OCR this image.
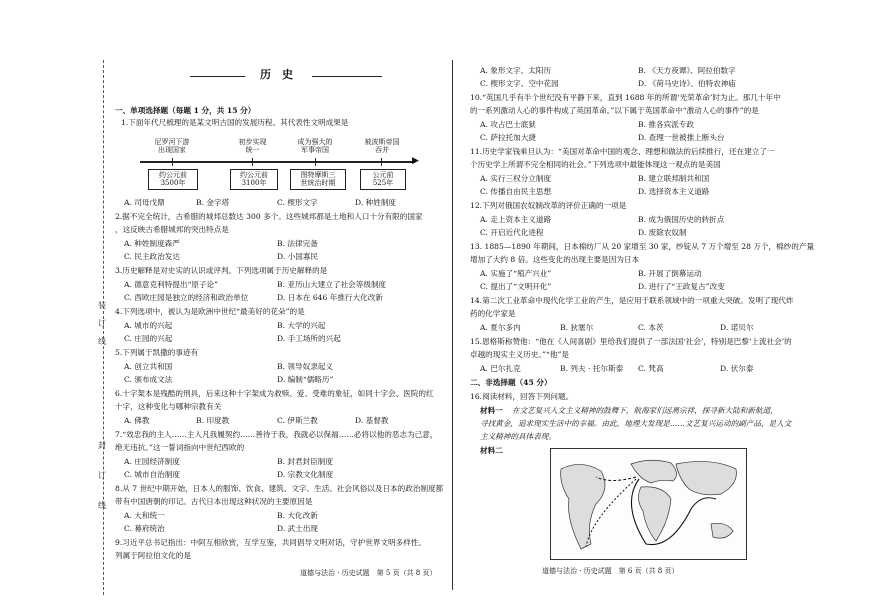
历　史
一、单项选择题（每题 1 分，共 15 分）
1.下面年代尺梳理的是某文明古国的发展历程。其代表性文明成果是
尼罗河下游
出现国家
初步实现
统一
成为强大的
军事帝国
被波斯帝国
吞并
▶
约公元前
3500年
约公元前
3100年
图特摩斯三
世统治时期
公元前
525年
A. 司母戊鼎	B. 金字塔	C. 楔形文字	D. 种姓制度
2.据不完全统计，古希腊的城邦总数达 300 多个。这些城邦都是土地和人口十分有限的国家
，这反映古希腊城邦的突出特点是
A. 种姓制度森严	B. 法律完备
C. 民主政治发达	D. 小国寡民
3.历史解释是对史实的认识或评判。下列选项属于历史解释的是
A. 德意克利特提出“原子论”	B. 亚历山大建立了社会等级制度
C. 西欧庄园是独立的经济和政治单位	D. 日本在 646 年推行大化改新
4.下列选项中，被认为是欧洲中世纪“最美好的花朵”的是
A. 城市的兴起	B. 大学的兴起
C. 庄园的兴起	D. 手工场所的兴起
5.下列属于凯撒的事迹有
A. 创立共和国	B. 领导奴隶起义
C. 颁布成文法	D. 编制“儒略历”
6.十字架本是残酷的刑具，后来这种十字架成为救赎、爱、受难的象征，如同十字会、医院的红
十字，这种变化与哪种宗教有关
A. 佛教	B. 印度教	C. 伊斯兰教	D. 基督教
7.“效忠我的主人……主人凡我履契约……善待于我，我就必以保福……必将以他的恶志为己意，
绝无违抗。”这一誓词指向中世纪西欧的
A. 庄园经济制度	B. 封君封臣制度
C. 城市自治制度	D. 宗教文化制度
8.从 7 世纪中期开始，日本人的服饰、饮食、建筑、文字、生活、社会风俗以及日本的政治制度都
带有中国唐朝的印记。古代日本出现这种状况的主要原因是
A. 大和统一	B. 大化改新
C. 幕府统治	D. 武士出现
9.习近平总书记指出：中阿互相欣赏，互学互鉴，共同倡导文明对话，守护世界文明多样性。
列属于阿拉伯文化的是
装
订
线
封
订
线
道德与法治 · 历史试题　第 5 页（共 8 页）
A. 象形文字、太阳历	B. 《天方夜谭》、阿拉伯数字
C. 楔形文字、空中花园	D. 《荷马史诗》、伯特农神庙
10.“英国几乎有半个世纪没有平静下来，直到 1688 年的所谓‘光荣革命’时为止。那几十年中
的一系列激动人心的事件构成了英国革命。”以下属于英国革命中“激动人心的事件”的是
A. 攻占巴士底狱	B. 推各宾派专政
C. 萨拉托加大捷	D. 查理一世被推上断头台
11.历史学家钱乘旦认为：“美国对革命中国的观念、理想和做法的后续推行，还在建立了一
个历史学上所谓不完全相同的社会。”下列选项中最能体现这一观点的是美国
A. 实行三权分立制度	B. 建立联邦制共和国
C. 传播自由民主思想	D. 选择资本主义道路
12.下列对俄国农奴制改革的评价正确的一项是
A. 走上资本主义道路	B. 成为俄国历史的转折点
C. 开启近代化进程	D. 废除农奴制
13. 1885—1890 年期间，日本棉纺厂从 20 家增至 30 家，纱锭从 7 万个增至 28 万个，棉纱的产量
增加了大约 8 倍。这些变化的出现主要是因为日本
A. 实施了“殖产兴业”	B. 开展了倒幕运动
C. 提出了“文明开化”	D. 进行了“王政复古”改变
14.第二次工业革命中现代化学工业的产生，是应用于联系领域中的一项重大突破。发明了现代炸
药的化学家是
A. 夏尔多内	B. 狄塞尔	C. 本茨	D. 诺贝尔
15.恩格斯称赞他：“他在《人间喜剧》里给我们提供了一部法国‘社会’，特别是巴黎‘上流社会’的
卓越的现实主义历史。”“他”是
A. 巴尔扎克	B. 列夫 · 托尔斯泰 C. 梵高	D. 伏尔泰
二、非选择题（45 分）
16.阅读材料，回答下列问题。
材料一 在文艺复兴人文主义精神的鼓舞下，航海家们远离宗祥，探寻新大陆和新航道，
寻找黄金，追求现实生活中的幸福。由此，地理大发现是……文艺复兴运动的副产品，是人文
主义精神的具体表现。
材料二
道德与法治 · 历史试题　第 6 页（共 8 页）
